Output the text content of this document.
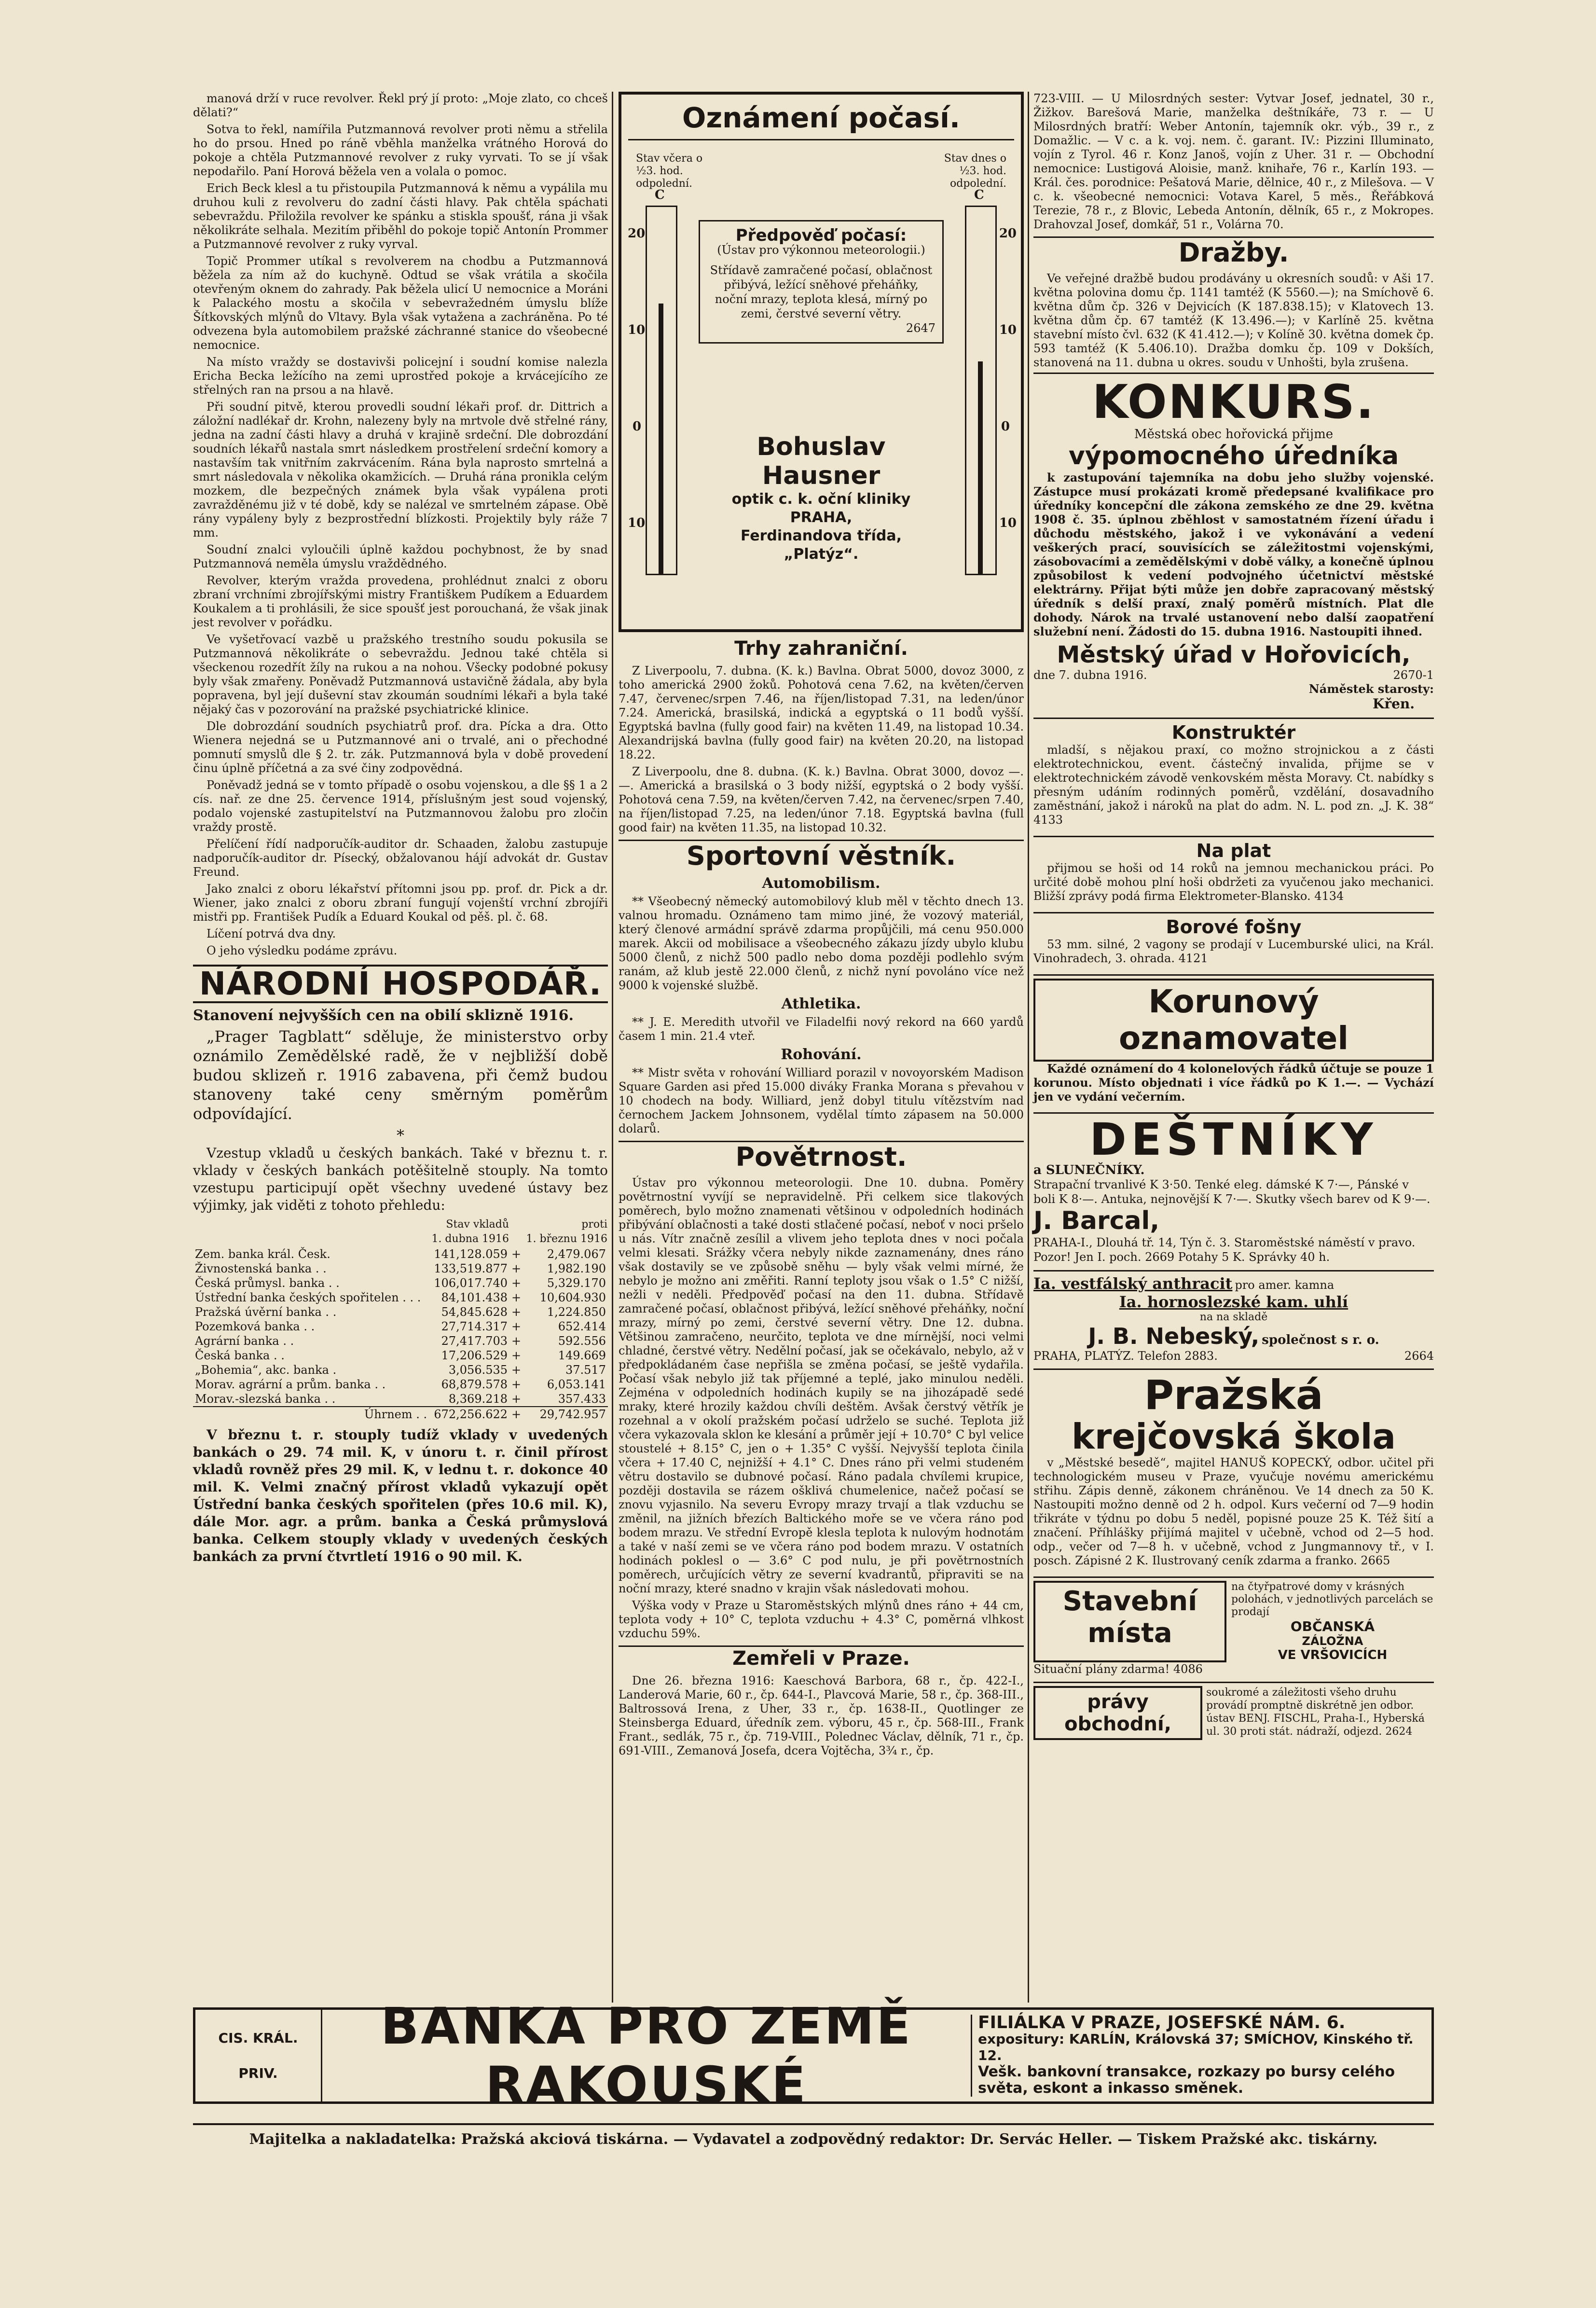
manová drží v ruce revolver. Řekl prý jí proto: „Moje zlato, co chceš dělati?“

Sotva to řekl, namířila Putzmannová revolver proti němu a střelila ho do prsou. Hned po ráně vběhla manželka vrátného Horová do pokoje a chtěla Putzmannové revolver z ruky vyrvati. To se jí však nepodařilo. Paní Horová běžela ven a volala o pomoc.

Erich Beck klesl a tu přistoupila Putzmannová k němu a vypálila mu druhou kuli z revolveru do zadní části hlavy. Pak chtěla spáchati sebevraždu. Přiložila revolver ke spánku a stiskla spoušť, rána ji však několikráte selhala. Mezitím přiběhl do pokoje topič Antonín Prommer a Putzmannové revolver z ruky vyrval.

Topič Prommer utíkal s revolverem na chodbu a Putzmannová běžela za ním až do kuchyně. Odtud se však vrátila a skočila otevřeným oknem do zahrady. Pak běžela ulicí U nemocnice a Moráni k Palackého mostu a skočila v sebevražedném úmyslu blíže Šítkovských mlýnů do Vltavy. Byla však vytažena a zachráněna. Po té odvezena byla automobilem pražské záchranné stanice do všeobecné nemocnice.

Na místo vraždy se dostavivši policejní i soudní komise nalezla Ericha Becka ležícího na zemi uprostřed pokoje a krvácejícího ze střelných ran na prsou a na hlavě.

Při soudní pitvě, kterou provedli soudní lékaři prof. dr. Dittrich a záložní nadlékař dr. Krohn, nalezeny byly na mrtvole dvě střelné rány, jedna na zadní části hlavy a druhá v krajině srdeční. Dle dobrozdání soudních lékařů nastala smrt následkem prostřelení srdeční komory a nastavším tak vnitřním zakrvácením. Rána byla naprosto smrtelná a smrt následovala v několika okamžicích. — Druhá rána pronikla celým mozkem, dle bezpečných známek byla však vypálena proti zavražděnému již v té době, kdy se nalézal ve smrtelném zápase. Obě rány vypáleny byly z bezprostřední blízkosti. Projektily byly ráže 7 mm.

Soudní znalci vyloučili úplně každou pochybnost, že by snad Putzmannová neměla úmyslu vraždědného.

Revolver, kterým vražda provedena, prohlédnut znalci z oboru zbraní vrchními zbrojířskými mistry Františkem Pudíkem a Eduardem Koukalem a ti prohlásili, že sice spoušť jest porouchaná, že však jinak jest revolver v pořádku.

Ve vyšetřovací vazbě u pražského trestního soudu pokusila se Putzmannová několikráte o sebevraždu. Jednou také chtěla si všeckenou rozedřít žíly na rukou a na nohou. Všecky podobné pokusy byly však zmařeny. Poněvadž Putzmannová ustavičně žádala, aby byla popravena, byl její duševní stav zkoumán soudními lékaři a byla také nějaký čas v pozorování na pražské psychiatrické klinice.

Dle dobrozdání soudních psychiatrů prof. dra. Pícka a dra. Otto Wienera nejedná se u Putzmannové ani o trvalé, ani o přechodné pomnutí smyslů dle § 2. tr. zák. Putzmannová byla v době provedení činu úplně příčetná a za své činy zodpovědná.

Poněvadž jedná se v tomto případě o osobu vojenskou, a dle §§ 1 a 2 cís. nař. ze dne 25. července 1914, příslušným jest soud vojenský, podalo vojenské zastupitelství na Putzmannovou žalobu pro zločin vraždy prostě.

Přelíčení řídí nadporučík-auditor dr. Schaaden, žalobu zastupuje nadporučík-auditor dr. Písecký, obžalovanou hájí advokát dr. Gustav Freund.

Jako znalci z oboru lékařství přítomni jsou pp. prof. dr. Pick a dr. Wiener, jako znalci z oboru zbraní fungují vojenští vrchní zbrojíři mistři pp. František Pudík a Eduard Koukal od pěš. pl. č. 68.

Líčení potrvá dva dny.

O jeho výsledku podáme zprávu.

NÁRODNÍ HOSPODÁŘ.
Stanovení nejvyšších cen na obilí sklizně 1916.

„Prager Tagblatt“ sděluje, že ministerstvo orby oznámilo Zemědělské radě, že v nejbližší době budou sklizeň r. 1916 zabavena, při čemž budou stanoveny také ceny směrným poměrům odpovídající.

*

Vzestup vkladů u českých bankách. Také v březnu t. r. vklady v českých bankách potěšitelně stouply. Na tomto vzestupu participují opět všechny uvedené ústavy bez výjimky, jak viděti z tohoto přehledu:

	Stav vkladů
1. dubna 1916		proti
1. březnu 1916
Zem. banka král. Česk.	141,128.059	+	2,479.067
Živnostenská banka . .	133,519.877	+	1,982.190
Česká průmysl. banka . .	106,017.740	+	5,329.170
Ústřední banka českých spořitelen . . .	84,101.438	+	10,604.930
Pražská úvěrní banka . .	54,845.628	+	1,224.850
Pozemková banka . .	27,714.317	+	652.414
Agrární banka . .	27,417.703	+	592.556
Česká banka . .	17,206.529	+	149.669
„Bohemia“, akc. banka .	3,056.535	+	37.517
Morav. agrární a prům. banka . .	68,879.578	+	6,053.141
Morav.-slezská banka . .	8,369.218	+	357.433
Úhrnem . .	672,256.622	+	29,742.957

V březnu t. r. stouply tudíž vklady v uvedených bankách o 29. 74 mil. K, v únoru t. r. činil přírost vkladů rovněž přes 29 mil. K, v lednu t. r. dokonce 40 mil. K. Velmi značný přírost vkladů vykazují opět Ústřední banka českých spořitelen (přes 10.6 mil. K), dále Mor. agr. a prům. banka a Česká průmyslová banka. Celkem stouply vklady v uvedených českých bankách za první čtvrtletí 1916 o 90 mil. K.

Oznámení počasí.
Stav včera o ½3. hod. odpolední.
Stav dnes o ½3. hod. odpolední.
C
20
10
0
10
C
20
10
0
10
Předpověď počasí:
(Ústav pro výkonnou meteorologii.)
Střídavě zamračené počasí, oblačnost přibývá, ležící sněhové přeháňky, noční mrazy, teplota klesá, mírný po zemi, čerstvé severní větry.
2647
Bohuslav Hausner
optik c. k. oční kliniky
PRAHA,
Ferdinandova třída,
„Platýz“.
Trhy zahraniční.

Z Liverpoolu, 7. dubna. (K. k.) Bavlna. Obrat 5000, dovoz 3000, z toho americká 2900 žoků. Pohotová cena 7.62, na květen/červen 7.47, červenec/srpen 7.46, na říjen/listopad 7.31, na leden/únor 7.24. Americká, brasilská, indická a egyptská o 11 bodů vyšší. Egyptská bavlna (fully good fair) na květen 11.49, na listopad 10.34. Alexandrijská bavlna (fully good fair) na květen 20.20, na listopad 18.22.

Z Liverpoolu, dne 8. dubna. (K. k.) Bavlna. Obrat 3000, dovoz —.—. Americká a brasilská o 3 body nižší, egyptská o 2 body vyšší. Pohotová cena 7.59, na květen/červen 7.42, na červenec/srpen 7.40, na říjen/listopad 7.25, na leden/únor 7.18. Egyptská bavlna (full good fair) na květen 11.35, na listopad 10.32.

Sportovní věstník.
Automobilism.

** Všeobecný německý automobilový klub měl v těchto dnech 13. valnou hromadu. Oznámeno tam mimo jiné, že vozový materiál, který členové armádní správě zdarma propůjčili, má cenu 950.000 marek. Akcii od mobilisace a všeobecného zákazu jízdy ubylo klubu 5000 členů, z nichž 500 padlo nebo doma později podlehlo svým ranám, až klub jestě 22.000 členů, z nichž nyní povoláno více než 9000 k vojenské službě.

Athletika.

** J. E. Meredith utvořil ve Filadelfii nový rekord na 660 yardů časem 1 min. 21.4 vteř.

Rohování.

** Mistr světa v rohování Williard porazil v novoyorském Madison Square Garden asi před 15.000 diváky Franka Morana s převahou v 10 chodech na body. Williard, jenž dobyl titulu vítězstvím nad černochem Jackem Johnsonem, vydělal tímto zápasem na 50.000 dolarů.

Povětrnost.

Ústav pro výkonnou meteorologii. Dne 10. dubna. Poměry povětrnostní vyvíjí se nepravidelně. Při celkem sice tlakových poměrech, bylo možno znamenati většinou v odpoledních hodinách přibývání oblačnosti a také dosti stlačené počasí, neboť v noci pršelo u nás. Vítr značně zesílil a vlivem jeho teplota dnes v noci počala velmi klesati. Srážky včera nebyly nikde zaznamenány, dnes ráno však dostavily se ve způsobě sněhu — byly však velmi mírné, že nebylo je možno ani změřiti. Ranní teploty jsou však o 1.5° C nižší, nežli v neděli. Předpověď počasí na den 11. dubna. Střídavě zamračené počasí, oblačnost přibývá, ležící sněhové přeháňky, noční mrazy, mírný po zemi, čerstvé severní větry. Dne 12. dubna. Většinou zamračeno, neurčito, teplota ve dne mírnější, noci velmi chladné, čerstvé větry. Nedělní počasí, jak se očekávalo, nebylo, až v předpokládaném čase nepřišla se změna počasí, se ještě vydařila. Počasí však nebylo již tak příjemné a teplé, jako minulou neděli. Zejména v odpoledních hodinách kupily se na jihozápadě sedé mraky, které hrozily každou chvíli deštěm. Avšak čerstvý větřík je rozehnal a v okolí pražském počasí udrželo se suché. Teplota již včera vykazovala sklon ke klesání a průměr její + 10.70° C byl velice stoustelé + 8.15° C, jen o + 1.35° C vyšší. Nejvyšší teplota činila včera + 17.40 C, nejnižší + 4.1° C. Dnes ráno při velmi studeném větru dostavilo se dubnové počasí. Ráno padala chvílemi krupice, později dostavila se rázem ošklivá chumelenice, načež počasí se znovu vyjasnilo. Na severu Evropy mrazy trvají a tlak vzduchu se změnil, na jižních březích Baltického moře se ve včera ráno pod bodem mrazu. Ve střední Evropě klesla teplota k nulovým hodnotám a také v naší zemi se ve včera ráno pod bodem mrazu. V ostatních hodinách poklesl o — 3.6° C pod nulu, je při povětrnostních poměrech, určujících větry ze severní kvadrantů, připraviti se na noční mrazy, které snadno v krajin však následovati mohou.

Výška vody v Praze u Staroměstských mlýnů dnes ráno + 44 cm, teplota vody + 10° C, teplota vzduchu + 4.3° C, poměrná vlhkost vzduchu 59%.

Zemřeli v Praze.

Dne 26. března 1916: Kaeschová Barbora, 68 r., čp. 422-I., Landerová Marie, 60 r., čp. 644-I., Plavcová Marie, 58 r., čp. 368-III., Baltrossová Irena, z Uher, 33 r., čp. 1638-II., Quotlinger ze Steinsberga Eduard, úředník zem. výboru, 45 r., čp. 568-III., Frank Frant., sedlák, 75 r., čp. 719-VIII., Polednec Václav, dělník, 71 r., čp. 691-VIII., Zemanová Josefa, dcera Vojtěcha, 3¾ r., čp.

723-VIII. — U Milosrdných sester: Vytvar Josef, jednatel, 30 r., Žižkov. Barešová Marie, manželka deštníkáře, 73 r. — U Milosrdných bratří: Weber Antonín, tajemník okr. výb., 39 r., z Domažlic. — V c. a k. voj. nem. č. garant. IV.: Pizzini Illuminato, vojín z Tyrol. 46 r. Konz Janoš, vojín z Uher. 31 r. — Obchodní nemocnice: Lustigová Aloisie, manž. knihaře, 76 r., Karlín 193. — Král. čes. porodnice: Pešatová Marie, dělnice, 40 r., z Milešova. — V c. k. všeobecné nemocnici: Votava Karel, 5 měs., Řeřábková Terezie, 78 r., z Blovic, Lebeda Antonín, dělník, 65 r., z Mokropes. Drahovzal Josef, domkář, 51 r., Volárna 70.

Dražby.

Ve veřejné dražbě budou prodávány u okresních soudů: v Aši 17. května polovina domu čp. 1141 tamtéž (K 5560.—); na Smíchově 6. května dům čp. 326 v Dejvicích (K 187.838.15); v Klatovech 13. května dům čp. 67 tamtéž (K 13.496.—); v Karlíně 25. května stavební místo čvl. 632 (K 41.412.—); v Kolíně 30. května domek čp. 593 tamtéž (K 5.406.10). Dražba domku čp. 109 v Dokších, stanovená na 11. dubna u okres. soudu v Unhošti, byla zrušena.

KONKURS.
Městská obec hořovická přijme
výpomocného úředníka

k zastupování tajemníka na dobu jeho služby vojenské. Zástupce musí prokázati kromě předepsané kvalifikace pro úředníky koncepční dle zákona zemského ze dne 29. května 1908 č. 35. úplnou zběhlost v samostatném řízení úřadu i důchodu městského, jakož i ve vykonávání a vedení veškerých prací, souvisících se záležitostmi vojenskými, zásobovacími a zemědělskými v době války, a konečně úplnou způsobilost k vedení podvojného účetnictví městské elektrárny. Přijat býti může jen dobře zapracovaný městský úředník s delší praxí, znalý poměrů místních. Plat dle dohody. Nárok na trvalé ustanovení nebo další zaopatření služební není. Žádosti do 15. dubna 1916. Nastoupiti ihned.

Městský úřad v Hořovicích,
dne 7. dubna 1916.	2670-1
Náměstek starosty:
Křen.
Konstruktér

mladší, s nějakou praxí, co možno strojnickou a z části elektrotechnickou, event. částečný invalida, přijme se v elektrotechnickém závodě venkovském města Moravy. Ct. nabídky s přesným udáním rodinných poměrů, vzdělání, dosavadního zaměstnání, jakož i nároků na plat do adm. N. L. pod zn. „J. K. 38“ 4133

Na plat

přijmou se hoši od 14 roků na jemnou mechanickou práci. Po určité době mohou plní hoši obdržeti za vyučenou jako mechanici. Bližší zprávy podá firma Elektrometer-Blansko. 4134

Borové fošny

53 mm. silné, 2 vagony se prodají v Lucemburské ulici, na Král. Vinohradech, 3. ohrada. 4121

Korunový oznamovatel

Každé oznámení do 4 kolonelových řádků účtuje se pouze 1 korunou. Místo objednati i více řádků po K 1.—. — Vychází jen ve vydání večerním.

DEŠTNÍKY
a SLUNEČNÍKY.
Strapační trvanlivé K 3·50. Tenké eleg. dámské K 7·—, Pánské v boli K 8·—. Antuka, nejnovější K 7·—. Skutky všech barev od K 9·—.
J. Barcal,
PRAHA-I., Dlouhá tř. 14, Týn č. 3. Staroměstské náměstí v pravo. Pozor! Jen I. poch. 2669 Potahy 5 K. Správky 40 h.
Ia. vestfálský anthracit pro amer. kamna
Ia. hornoslezské kam. uhlí
na na skladě
J. B. Nebeský, společnost s r. o.
PRAHA, PLATÝZ. Telefon 2883.	2664
Pražská
krejčovská škola

v „Městské besedě“, majitel HANUŠ KOPECKÝ, odbor. učitel při technologickém museu v Praze, vyučuje novému americkému střihu. Zápis denně, zákonem chráněnou. Ve 14 dnech za 50 K. Nastoupiti možno denně od 2 h. odpol. Kurs večerní od 7—9 hodin třikráte v týdnu po dobu 5 neděl, popisné pouze 25 K. Též šití a značení. Příhlášky přijímá majitel v učebně, vchod od 2—5 hod. odp., večer od 7—8 h. v učebně, vchod z Jungmannovy tř., v I. posch. Zápisné 2 K. Ilustrovaný ceník zdarma a franko. 2665

Stavební místa
na čtyřpatrové domy v krásných polohách, v jednotlivých parcelách se prodají
OBČANSKÁ
ZÁLOŽNA
VE VRŠOVICÍCH
Situační plány zdarma! 4086
právy obchodní,
soukromé a záležitosti všeho druhu provádí promptně diskrétně jen odbor. ústav BENJ. FISCHL, Praha-I., Hyberská ul. 30 proti stát. nádraží, odjezd. 2624
CIS. KRÁL.
PRIV.
BANKA PRO ZEMĚ RAKOUSKÉ
FILIÁLKA V PRAZE, JOSEFSKÉ NÁM. 6.
expositury: KARLÍN, Královská 37; SMÍCHOV, Kinského tř. 12.
Vešk. bankovní transakce, rozkazy po bursy celého světa, eskont a inkasso směnek.
Majitelka a nakladatelka: Pražská akciová tiskárna. — Vydavatel a zodpovědný redaktor: Dr. Servác Heller. — Tiskem Pražské akc. tiskárny.
